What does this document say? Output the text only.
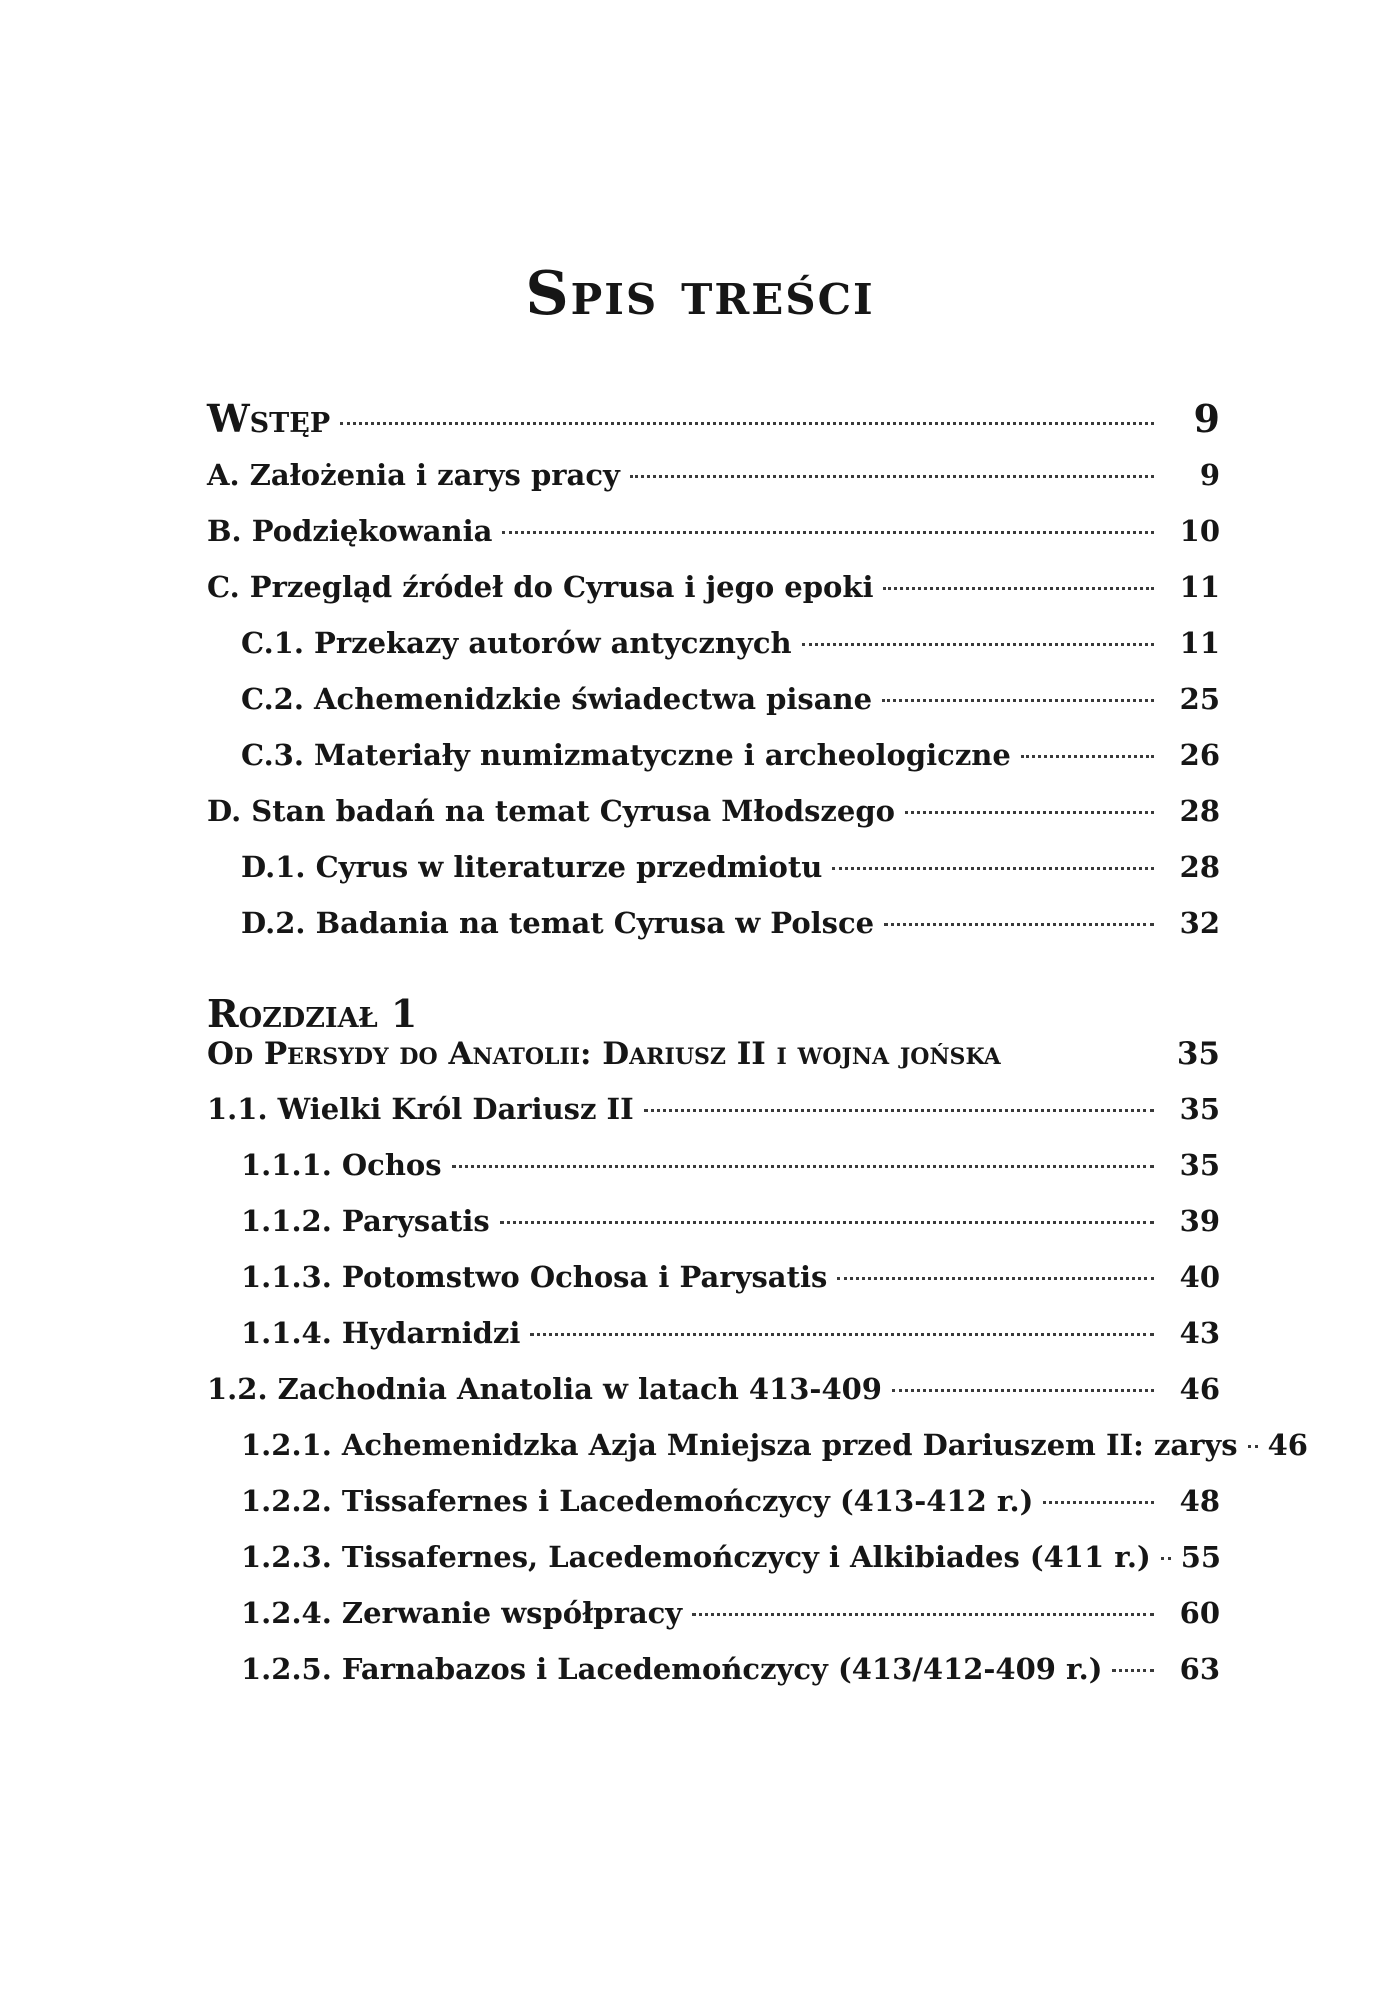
Spis treści
Wstęp	9
A. Założenia i zarys pracy	9
B. Podziękowania	10
C. Przegląd źródeł do Cyrusa i jego epoki	11
C.1. Przekazy autorów antycznych	11
C.2. Achemenidzkie świadectwa pisane	25
C.3. Materiały numizmatyczne i archeologiczne	26
D. Stan badań na temat Cyrusa Młodszego	28
D.1. Cyrus w literaturze przedmiotu	28
D.2. Badania na temat Cyrusa w Polsce	32
Rozdział 1
Od Persydy do Anatolii: Dariusz II i wojna jońska	35
1.1. Wielki Król Dariusz II	35
1.1.1. Ochos	35
1.1.2. Parysatis	39
1.1.3. Potomstwo Ochosa i Parysatis	40
1.1.4. Hydarnidzi	43
1.2. Zachodnia Anatolia w latach 413-409	46
1.2.1. Achemenidzka Azja Mniejsza przed Dariuszem II: zarys 46
1.2.2. Tissafernes i Lacedemończycy (413-412 r.)	48
1.2.3. Tissafernes, Lacedemończycy i Alkibiades (411 r.) 55
1.2.4. Zerwanie współpracy	60
1.2.5. Farnabazos i Lacedemończycy (413/412-409 r.)	63
